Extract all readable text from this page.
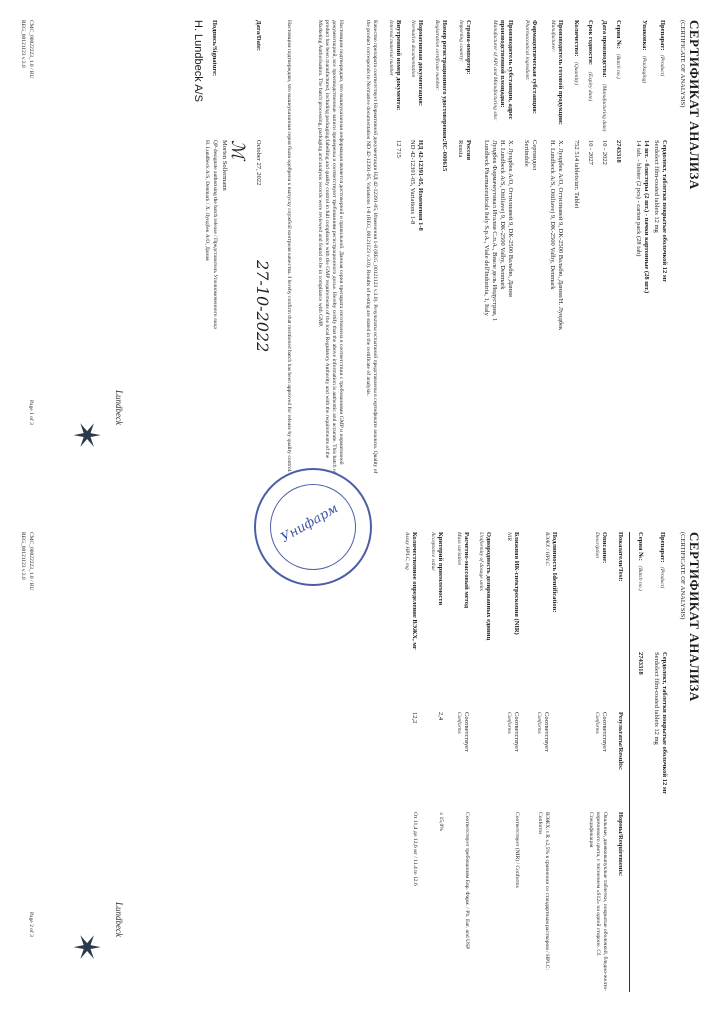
СЕРТИФИКАТ АНАЛИЗА
(CERTIFICATE OF ANALYSIS)
Препарат:
(Product)
Сердолект, таблетки покрытые оболочкой 12 мг
Serdolect film-coated tablets 12 mg
Упаковка:
(Packaging)
14 шт. - блистеры (2 шт.) - пачки картонные (28 шт.)
14 tab. - blister (2 pcs) - carton pack (28 tab)
Серия №:
(Batch no.)
2743318
Дата производства:
(Manufacturing date)
10 - 2022
Срок годности:
(Expiry date)
10 - 2027
Количество:
(Quantity)
752 514 tablets/шт. Tablet
Производитель готовой продукции:
Manufacturer:
Х. Лундбек А/О, Оттилиавей 9, DK-2500 Вальбю, Дания/Н. Лундбек
H. Lundbeck A/S, Ottiliavej 9, DK-2500 Valby, Denmark
Фармацевтическая субстанция:
Pharmaceutical ingredient:
Сертиндол
Sertindole
Производитель субстанции, адрес
производственной площадки:
Manufacturer of API and Manufacturing site:
Х. Лундбек А/О, Оттилиавей 9, DK-2500 Вальбю, Дания
H. Lundbeck A/S, Ottiliavej 9, DK-2500 Valby, Denmark
Лундбек Фармачеутикал Италия С.п.А., Виале дель Индустрия, 1
Lundbeck Pharmaceuticals Italy S.p.A., Viale dell'Industria, 1, Italy
Страна-импортер:
Importing country:
Россия
Russia
Номер регистрационного удостоверения:
Registration certificate number:
ЛС-000615
Нормативная документация:
Normative documentation
НД 42-12391-05, Изменения 1-8
ND 42-12391-05, Variations 1-8
Внутренний номер документа:
Internal material number
12 715
Качество препарата соответствует Нормативной документации НД 42-12391-05, Изменения 1-8 (REG_00121123 v.3.0). Результаты испытаний представлены в сертификате анализа. Quality of the product corresponds to Normative documentation ND 42-12391-05, Variations 1-8 (REG_00121123 v.3.0). Results of testing are stated in the certificate of analysis.
Настоящим подтверждаю, что вышеуказанная информация является достоверной и правильной. Данная серия препарата изготовлена в соответствии с требованиями GMP и нормативной документацией, все производственные записи проверены и соответствуют требованиям регистрационного досье. Hereby certify that the above information is authentic and accurate. This batch of product has been manufactured, including packaging/labelling and quality control in full compliance with the GMP requirements of the local Regulatory Authority and with the requirements of the Marketing Authorisation. The batch processing, packaging and analysis records were reviewed and found to be in compliance with GMP.
Настоящим подтверждаю, что вышеуказанная серия была одобрена к выпуску службой контроля качества. I hereby confirm that mentioned batch has been approved for release by quality control.
Дата/Date:
October 27, 2022
27-10-2022
ℳ
Morten Sollermann
Подпись/Signature:
H. Lundbeck A/S
QP-designate authorising the batch release / Представитель Уполномоченного лица
H. Lundbeck A/S, Denmark / Х. Лундбек А/О, Дания
CMC_00022223_1.0 / RU
REG_00121123 v.3.0
Page 1 of 3	Lundbeck
✶
СЕРТИФИКАТ АНАЛИЗА
(CERTIFICATE OF ANALYSIS)
Препарат:
(Product)
Сердолект, таблетки покрытые оболочкой 12 мг
Serdolect film-coated tablets 12 mg
Серия №:
(Batch no.)
2743318
Показатели/Test:
Результаты/Results:
Нормы/Requirements:
Описание:
Description
Соответствует
Conforms
Овальные, двояковыпуклые таблетки, покрытые оболочкой, бледно-желто-коричневого цвета, с тиснением «S12» на одной стороне. Cf. Спецификация
Подлинность Identification:
ВЭЖХ / HPLC
Соответствует
Conforms
ВЭЖХ: t R ±2,5% в сравнении со стандартным раствором / HPLC: Conforms
Ближняя ИК-спектроскопия (NIR)
NIR
Соответствует
Conforms
Соответствует (NIR) / Conforms
Однородность дозированных единиц
Uniformity of dosage units
Расчетно-массовый метод
Mass variation
Соответствует
Conforms
Соответствует требованиям Евр. Фарм. / Ph. Eur. and USP
Критерий приемлемости
Acceptance value
2,4
≤ 15,0%
Количественное определение ВЭЖХ, мг
Assay HPLC, mg
12,2
От 11,4 до 12,6 мг / 11.4 to 12.6
CMC_00022223_1.0 / RU
REG_00121123 v.3.0
Page 2 of 3	Lundbeck
✶
Унифарм
